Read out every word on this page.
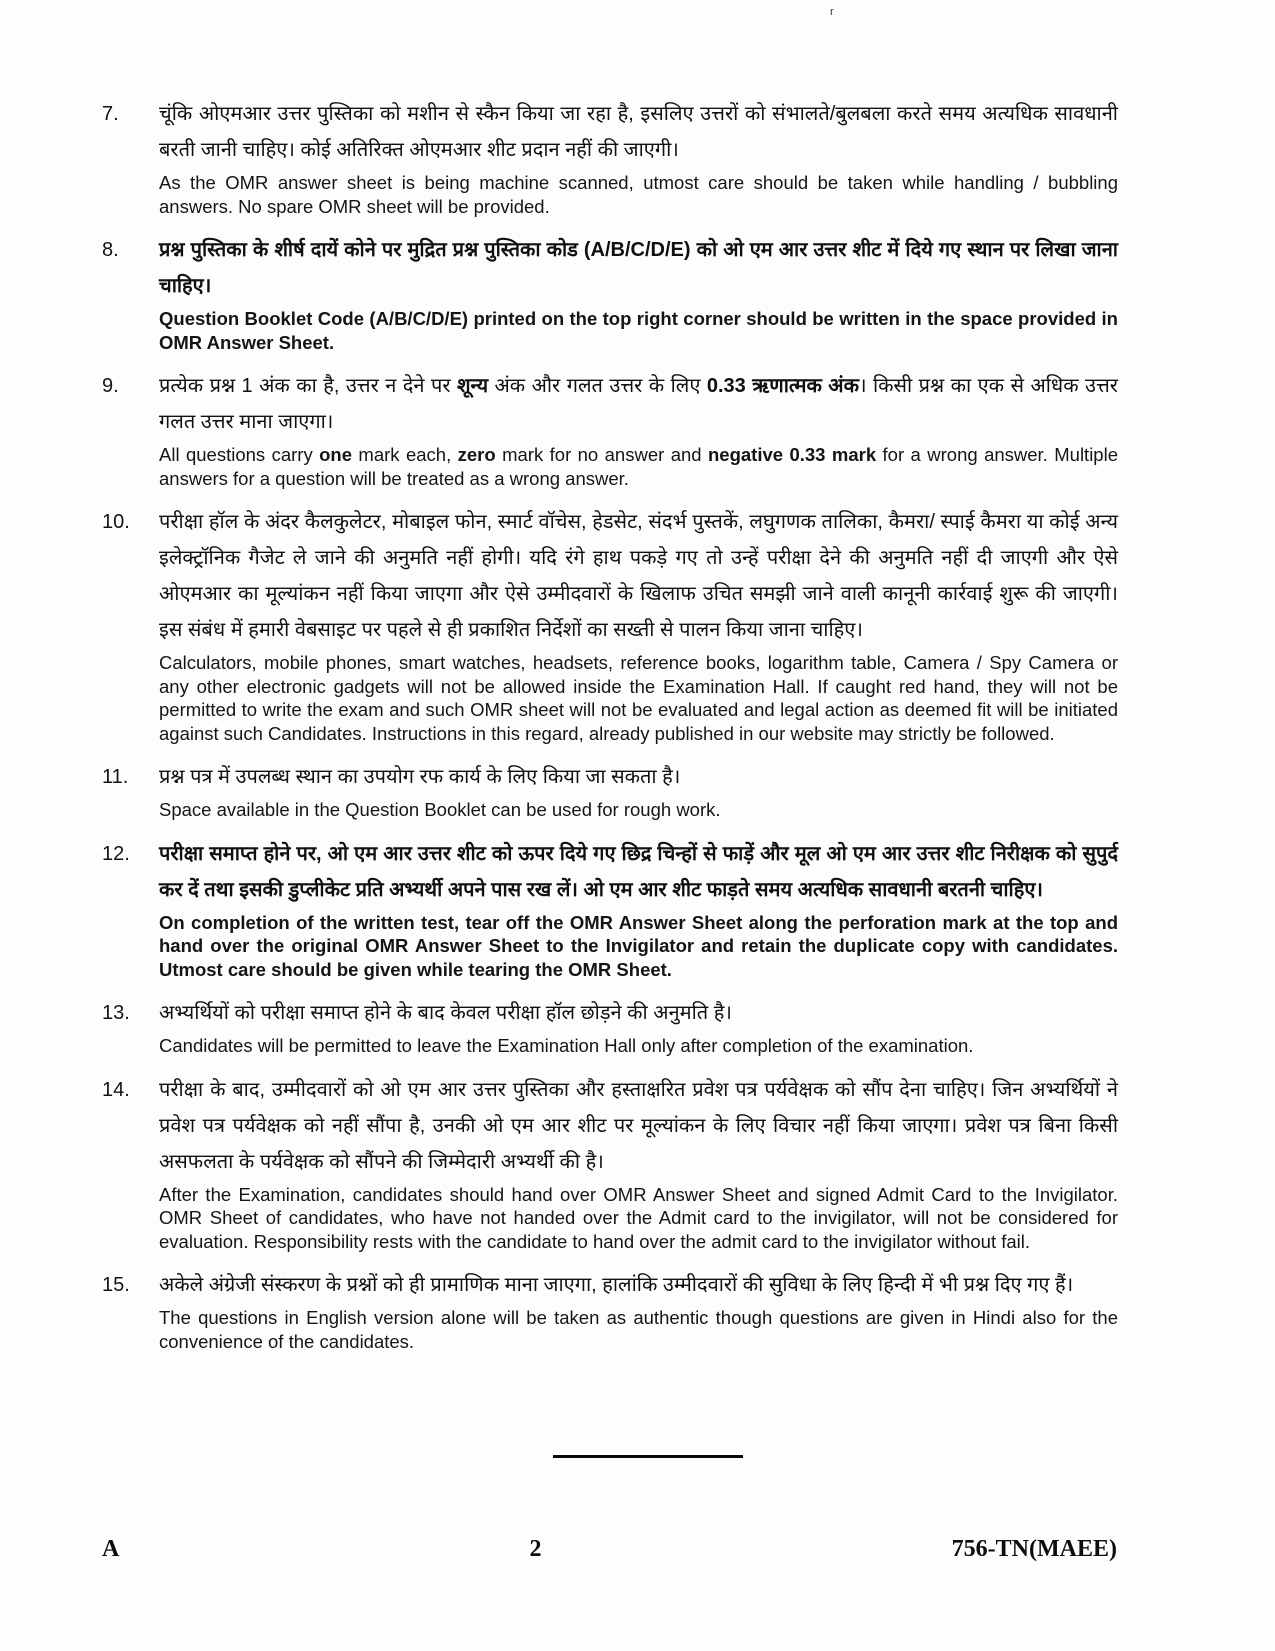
r
7.	चूंकि ओएमआर उत्तर पुस्तिका को मशीन से स्कैन किया जा रहा है, इसलिए उत्तरों को संभालते/बुलबला करते समय अत्यधिक सावधानी बरती जानी चाहिए। कोई अतिरिक्त ओएमआर शीट प्रदान नहीं की जाएगी।

As the OMR answer sheet is being machine scanned, utmost care should be taken while handling / bubbling answers. No spare OMR sheet will be provided.

8.	प्रश्न पुस्तिका के शीर्ष दायें कोने पर मुद्रित प्रश्न पुस्तिका कोड (A/B/C/D/E) को ओ एम आर उत्तर शीट में दिये गए स्थान पर लिखा जाना चाहिए।

Question Booklet Code (A/B/C/D/E) printed on the top right corner should be written in the space provided in OMR Answer Sheet.

9.	प्रत्येक प्रश्न 1 अंक का है, उत्तर न देने पर शून्य अंक और गलत उत्तर के लिए 0.33 ऋणात्मक अंक। किसी प्रश्न का एक से अधिक उत्तर गलत उत्तर माना जाएगा।

All questions carry one mark each, zero mark for no answer and negative 0.33 mark for a wrong answer. Multiple answers for a question will be treated as a wrong answer.

10.	परीक्षा हॉल के अंदर कैलकुलेटर, मोबाइल फोन, स्मार्ट वॉचेस, हेडसेट, संदर्भ पुस्तकें, लघुगणक तालिका, कैमरा/ स्पाई कैमरा या कोई अन्य इलेक्ट्रॉनिक गैजेट ले जाने की अनुमति नहीं होगी। यदि रंगे हाथ पकड़े गए तो उन्हें परीक्षा देने की अनुमति नहीं दी जाएगी और ऐसे ओएमआर का मूल्यांकन नहीं किया जाएगा और ऐसे उम्मीदवारों के खिलाफ उचित समझी जाने वाली कानूनी कार्रवाई शुरू की जाएगी। इस संबंध में हमारी वेबसाइट पर पहले से ही प्रकाशित निर्देशों का सख्ती से पालन किया जाना चाहिए।

Calculators, mobile phones, smart watches, headsets, reference books, logarithm table, Camera / Spy Camera or any other electronic gadgets will not be allowed inside the Examination Hall. If caught red hand, they will not be permitted to write the exam and such OMR sheet will not be evaluated and legal action as deemed fit will be initiated against such Candidates. Instructions in this regard, already published in our website may strictly be followed.

11.	प्रश्न पत्र में उपलब्ध स्थान का उपयोग रफ कार्य के लिए किया जा सकता है।

Space available in the Question Booklet can be used for rough work.

12.	परीक्षा समाप्त होने पर, ओ एम आर उत्तर शीट को ऊपर दिये गए छिद्र चिन्हों से फाड़ें और मूल ओ एम आर उत्तर शीट निरीक्षक को सुपुर्द कर दें तथा इसकी डुप्लीकेट प्रति अभ्यर्थी अपने पास रख लें। ओ एम आर शीट फाड़ते समय अत्यधिक सावधानी बरतनी चाहिए।

On completion of the written test, tear off the OMR Answer Sheet along the perforation mark at the top and hand over the original OMR Answer Sheet to the Invigilator and retain the duplicate copy with candidates. Utmost care should be given while tearing the OMR Sheet.

13.	अभ्यर्थियों को परीक्षा समाप्त होने के बाद केवल परीक्षा हॉल छोड़ने की अनुमति है।

Candidates will be permitted to leave the Examination Hall only after completion of the examination.

14.	परीक्षा के बाद, उम्मीदवारों को ओ एम आर उत्तर पुस्तिका और हस्ताक्षरित प्रवेश पत्र पर्यवेक्षक को सौंप देना चाहिए। जिन अभ्यर्थियों ने प्रवेश पत्र पर्यवेक्षक को नहीं सौंपा है, उनकी ओ एम आर शीट पर मूल्यांकन के लिए विचार नहीं किया जाएगा। प्रवेश पत्र बिना किसी असफलता के पर्यवेक्षक को सौंपने की जिम्मेदारी अभ्यर्थी की है।

After the Examination, candidates should hand over OMR Answer Sheet and signed Admit Card to the Invigilator. OMR Sheet of candidates, who have not handed over the Admit card to the invigilator, will not be considered for evaluation. Responsibility rests with the candidate to hand over the admit card to the invigilator without fail.

15.	अकेले अंग्रेजी संस्करण के प्रश्नों को ही प्रामाणिक माना जाएगा, हालांकि उम्मीदवारों की सुविधा के लिए हिन्दी में भी प्रश्न दिए गए हैं।

The questions in English version alone will be taken as authentic though questions are given in Hindi also for the convenience of the candidates.

A	2	756-TN(MAEE)
